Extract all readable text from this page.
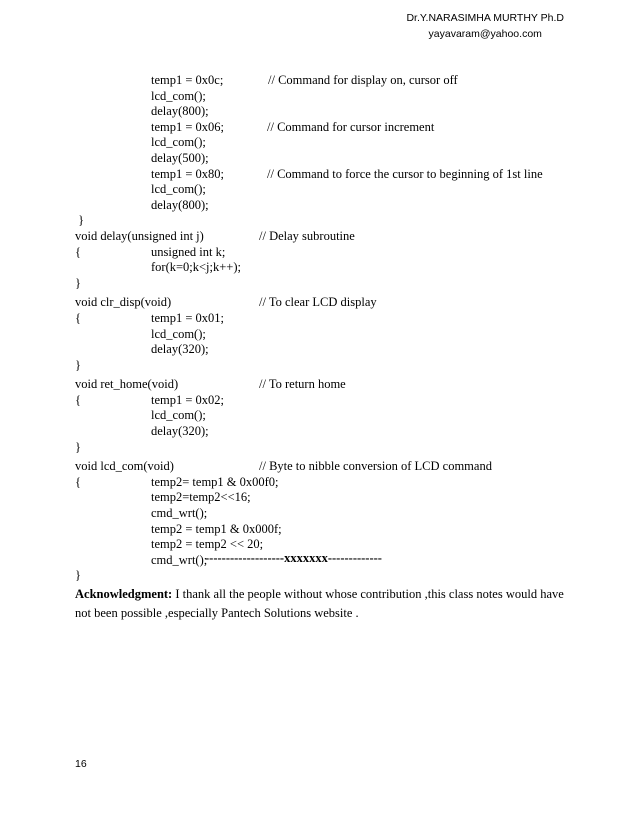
Dr.Y.NARASIMHA MURTHY Ph.D
yayavaram@yahoo.com

temp1 = 0x0c;

	// Command for display on, cursor off

lcd_com();

delay(800);

temp1 = 0x06;

	// Command for cursor increment

lcd_com();

delay(500);

temp1 = 0x80;

	// Command to force the cursor to beginning of 1st line

lcd_com();

delay(800);

}

void delay(unsigned int j)

	// Delay subroutine

{

	unsigned int k;

for(k=0;k<j;k++);

}

void clr_disp(void)

	// To clear LCD display

{

	temp1 = 0x01;

lcd_com();

delay(320);

}

void ret_home(void)

	// To return home

{

	temp1 = 0x02;

lcd_com();

delay(320);

}

void lcd_com(void)

	// Byte to nibble conversion of LCD command

{

	temp2= temp1 & 0x00f0;

temp2=temp2<<16;

cmd_wrt();

temp2 = temp1 & 0x000f;

temp2 = temp2 << 20;

cmd_wrt();

}

-------------------xxxxxxx-------------
Acknowledgment: I thank all the people without whose contribution ,this class notes would have not been possible ,especially Pantech Solutions website .
16
